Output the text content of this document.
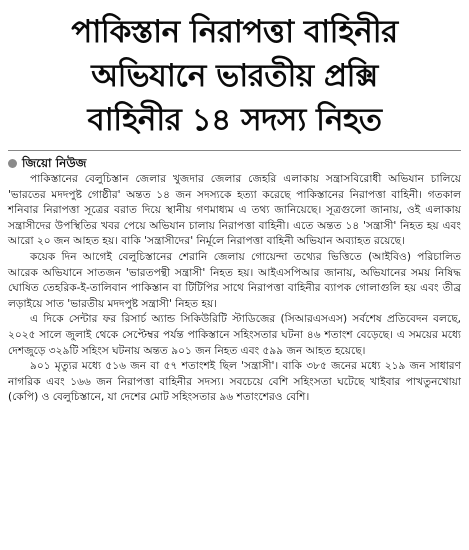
পাকিস্তান নিরাপত্তা বাহিনীর
অভিযানে ভারতীয় প্রক্সি
বাহিনীর ১৪ সদস্য নিহত
জিয়ো নিউজ

পাকিস্তানের বেলুচিস্তান জেলার খুজদার জেলার জেহরি এলাকায় সন্ত্রাসবিরোধী অভিযান চালিয়ে 'ভারতের মদদপুষ্ট গোষ্ঠীর' অন্তত ১৪ জন সদস্যকে হত্যা করেছে পাকিস্তানের নিরাপত্তা বাহিনী। গতকাল শনিবার নিরাপত্তা সূত্রের বরাত দিয়ে স্থানীয় গণমাধ্যম এ তথ্য জানিয়েছে। সূত্রগুলো জানায়, ওই এলাকায় সন্ত্রাসীদের উপস্থিতির খবর পেয়ে অভিযান চালায় নিরাপত্তা বাহিনী। এতে অন্তত ১৪ 'সন্ত্রাসী' নিহত হয় এবং আরো ২০ জন আহত হয়। বাকি 'সন্ত্রাসীদের' নির্মূলে নিরাপত্তা বাহিনী অভিযান অব্যাহত রয়েছে।

কয়েক দিন আগেই বেলুচিস্তানের শেরানি জেলায় গোয়েন্দা তথ্যের ভিত্তিতে (আইবিও) পরিচালিত আরেক অভিযানে সাতজন 'ভারতপন্থী সন্ত্রাসী' নিহত হয়। আইএসপিআর জানায়, অভিযানের সময় নিষিদ্ধ ঘোষিত তেহরিক-ই-তালিবান পাকিস্তান বা টিটিপির সাথে নিরাপত্তা বাহিনীর ব্যাপক গোলাগুলি হয় এবং তীব্র লড়াইয়ে সাত 'ভারতীয় মদদপুষ্ট সন্ত্রাসী' নিহত হয়।

এ দিকে সেন্টার ফর রিসার্চ অ্যান্ড সিকিউরিটি স্টাডিজের (সিআরএসএস) সর্বশেষ প্রতিবেদন বলছে, ২০২৫ সালে জুলাই থেকে সেপ্টেম্বর পর্যন্ত পাকিস্তানে সহিংসতার ঘটনা ৪৬ শতাংশ বেড়েছে। এ সময়ের মধ্যে দেশজুড়ে ৩২৯টি সহিংস ঘটনায় অন্তত ৯০১ জন নিহত এবং ৫৯৯ জন আহত হয়েছে।

৯০১ মৃত্যুর মধ্যে ৫১৬ জন বা ৫৭ শতাংশই ছিল 'সন্ত্রাসী'। বাকি ৩৮৫ জনের মধ্যে ২১৯ জন সাধারণ নাগরিক এবং ১৬৬ জন নিরাপত্তা বাহিনীর সদস্য। সবচেয়ে বেশি সহিংসতা ঘটেছে খাইবার পাখতুনখোয়া (কেপি) ও বেলুচিস্তানে, যা দেশের মোট সহিংসতার ৯৬ শতাংশেরও বেশি।
